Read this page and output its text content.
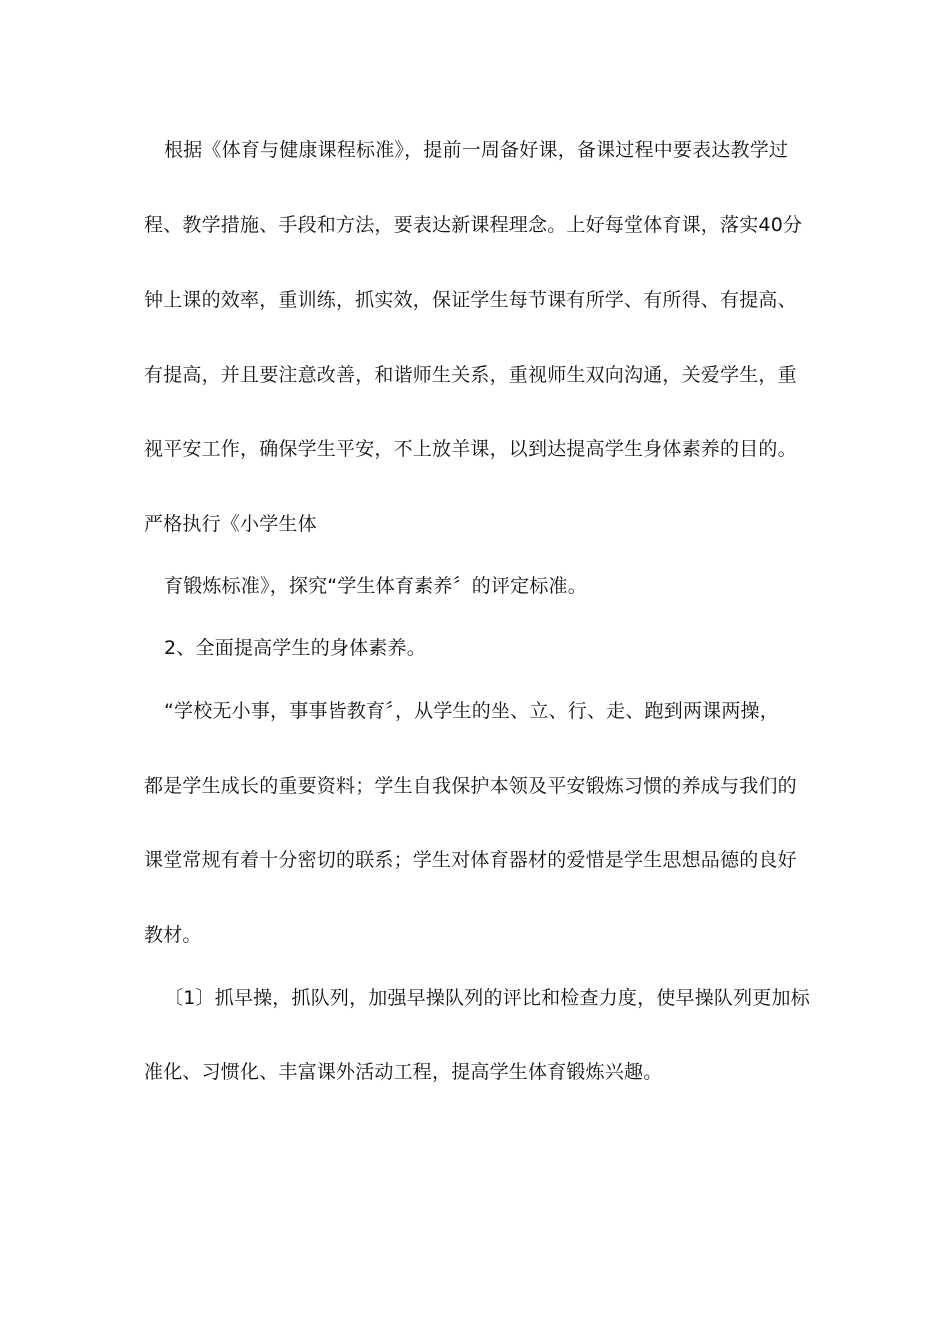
根据《体育与健康课程标准》，提前一周备好课，备课过程中要表达教学过
程、教学措施、手段和方法，要表达新课程理念。上好每堂体育课，落实40分
钟上课的效率，重训练，抓实效，保证学生每节课有所学、有所得、有提高、
有提高，并且要注意改善，和谐师生关系，重视师生双向沟通，关爱学生，重
视平安工作，确保学生平安，不上放羊课，以到达提高学生身体素养的目的。
严格执行《小学生体
育锻炼标准》，探究“学生体育素养〞的评定标准。
2、全面提高学生的身体素养。
“学校无小事，事事皆教育〞，从学生的坐、立、行、走、跑到两课两操，
都是学生成长的重要资料；学生自我保护本领及平安锻炼习惯的养成与我们的
课堂常规有着十分密切的联系；学生对体育器材的爱惜是学生思想品德的良好
教材。
〔1〕抓早操，抓队列，加强早操队列的评比和检查力度，使早操队列更加标
准化、习惯化、丰富课外活动工程，提高学生体育锻炼兴趣。
